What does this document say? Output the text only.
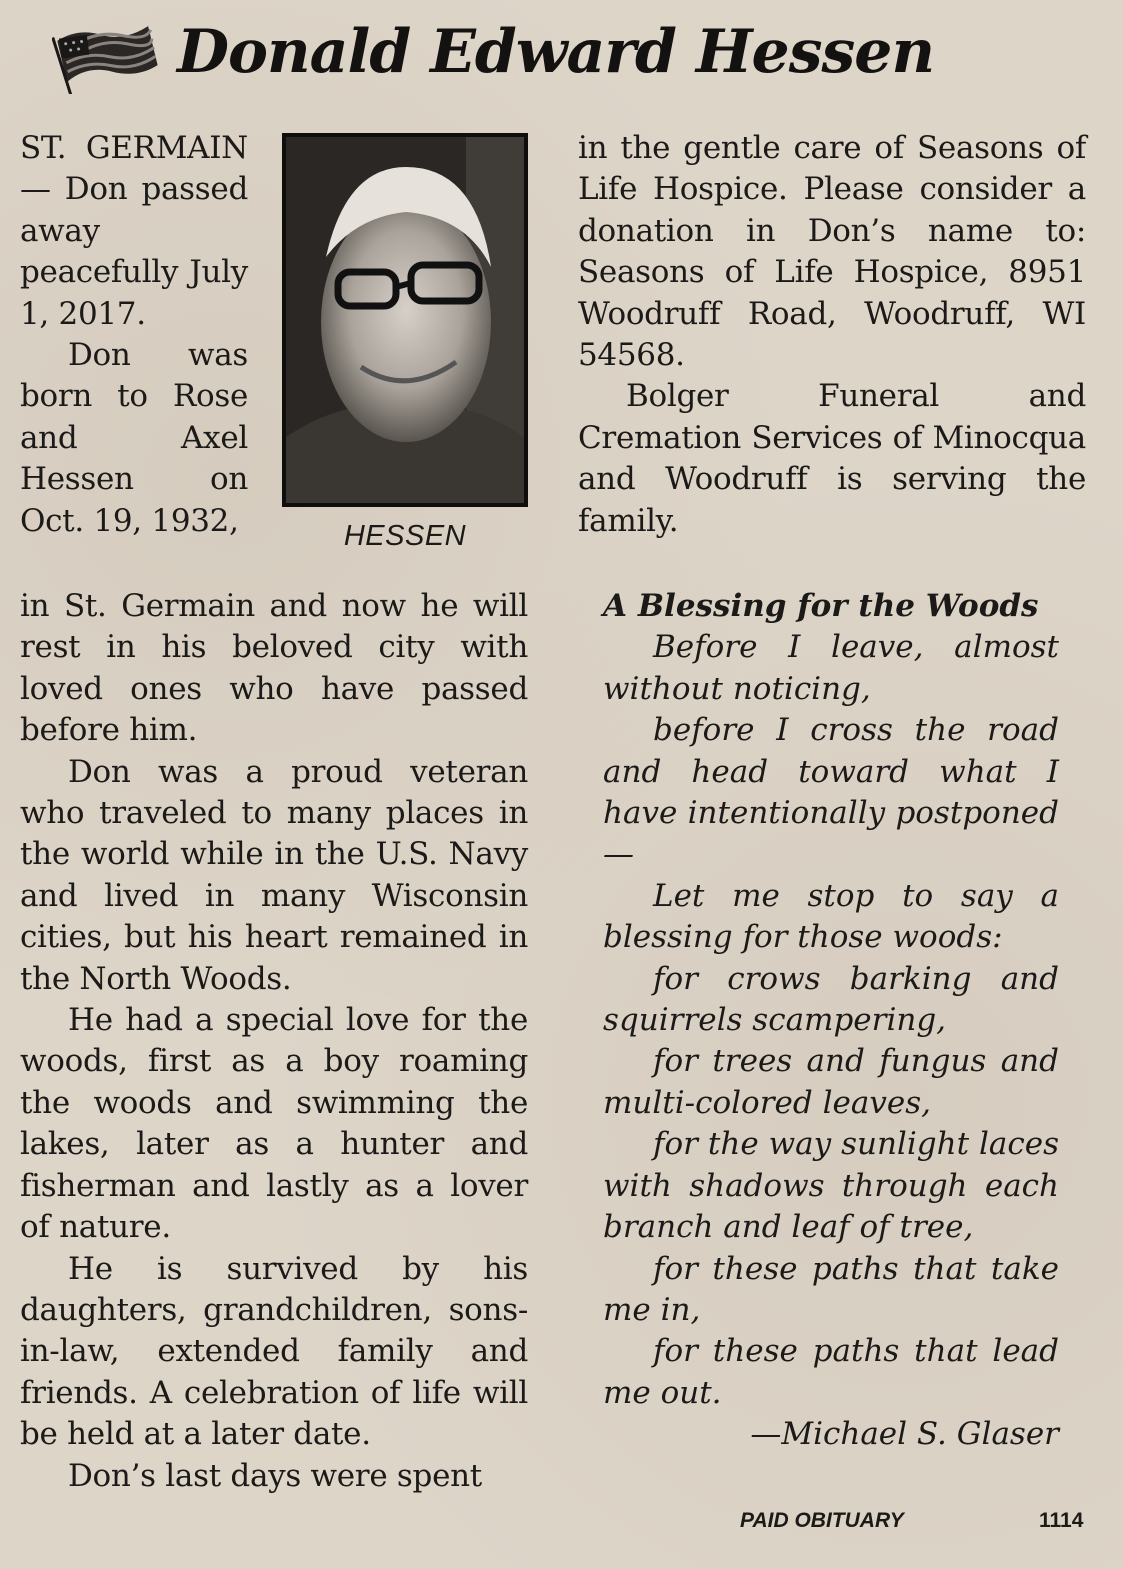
Donald Edward Hessen

ST. GERMAIN — Don passed away peacefully July 1, 2017.

Don was born to Rose and Axel Hessen on Oct. 19, 1932,	HESSEN

in St. Germain and now he will rest in his beloved city with loved ones who have passed before him.

Don was a proud veteran who traveled to many places in the world while in the U.S. Navy and lived in many Wisconsin cities, but his heart remained in the North Woods.

He had a special love for the woods, first as a boy roaming the woods and swimming the lakes, later as a hunter and fisherman and lastly as a lover of nature.

He is survived by his daughters, grandchildren, sons-in-law, extended family and friends. A celebration of life will be held at a later date.

Don’s last days were spent

in the gentle care of Seasons of Life Hospice. Please consider a donation in Don’s name to: Seasons of Life Hospice, 8951 Woodruff Road, Woodruff, WI 54568.

Bolger Funeral and Cremation Services of Minocqua and Woodruff is serving the family.

A Blessing for the Woods

Before I leave, almost without noticing,

before I cross the road and head toward what I have intentionally postponed—

Let me stop to say a blessing for those woods:

for crows barking and squirrels scampering,

for trees and fungus and multi-colored leaves,

for the way sunlight laces with shadows through each branch and leaf of tree,

for these paths that take me in,

for these paths that lead me out.

—Michael S. Glaser
PAID OBITUARY	1114
